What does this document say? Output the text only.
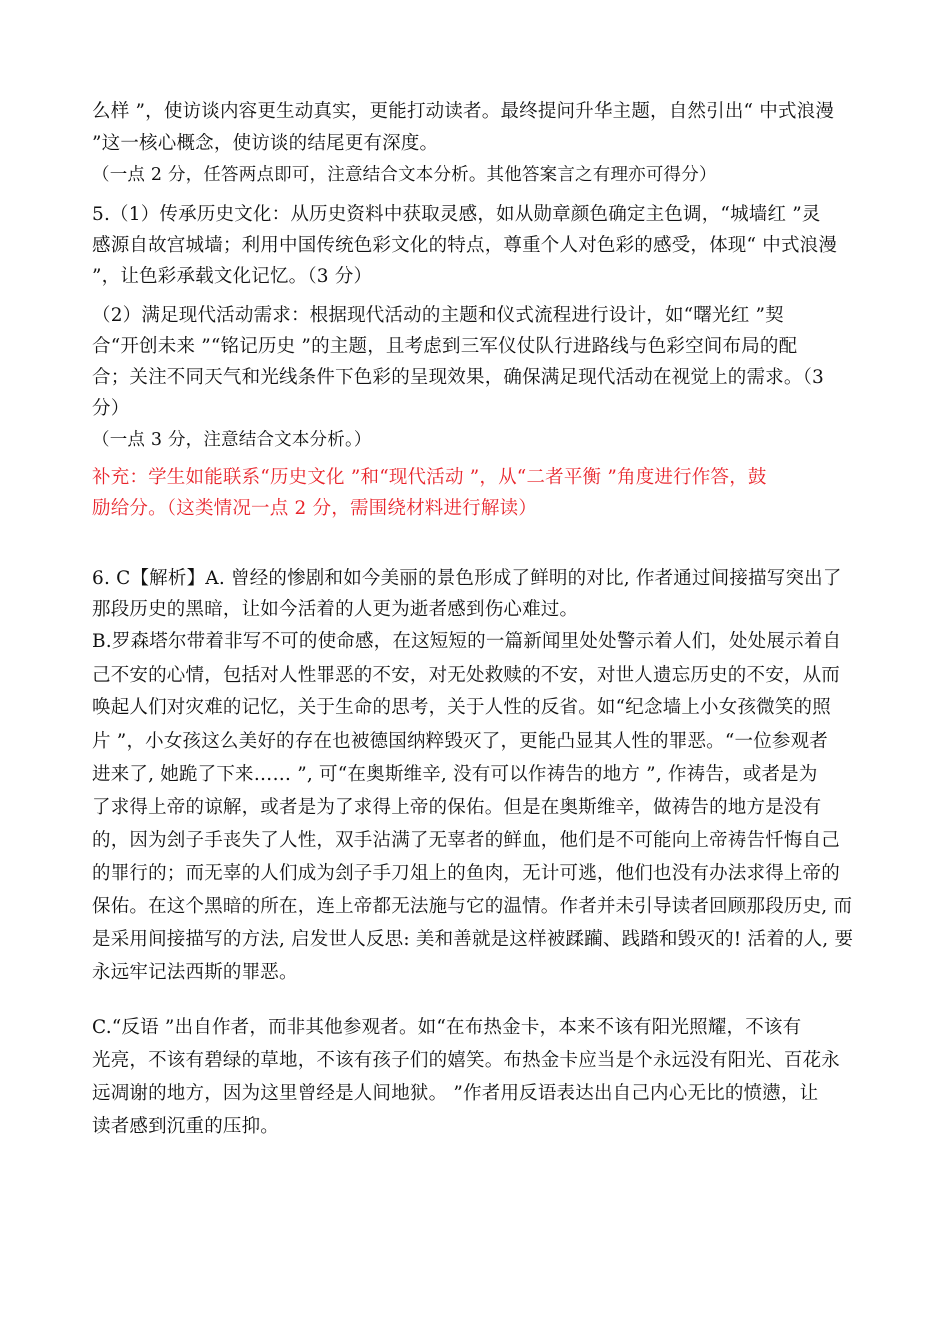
么样 ”，使访谈内容更生动真实，更能打动读者。最终提问升华主题，自然引出“ 中式浪漫
”这一核心概念，使访谈的结尾更有深度。
（一点 2 分，任答两点即可，注意结合文本分析。其他答案言之有理亦可得分）
5.（1）传承历史文化：从历史资料中获取灵感，如从勋章颜色确定主色调，“城墙红 ”灵
感源自故宫城墙；利用中国传统色彩文化的特点，尊重个人对色彩的感受，体现“ 中式浪漫
”，让色彩承载文化记忆。（3 分）
（2）满足现代活动需求：根据现代活动的主题和仪式流程进行设计，如“曙光红 ”契
合“开创未来 ”“铭记历史 ”的主题，且考虑到三军仪仗队行进路线与色彩空间布局的配
合；关注不同天气和光线条件下色彩的呈现效果，确保满足现代活动在视觉上的需求。（3
分）
（一点 3 分，注意结合文本分析。）
补充：学生如能联系“历史文化 ”和“现代活动 ”，从“二者平衡 ”角度进行作答，鼓
励给分。（这类情况一点 2 分，需围绕材料进行解读）
6. C【解析】A. 曾经的惨剧和如今美丽的景色形成了鲜明的对比, 作者通过间接描写突出了
那段历史的黑暗，让如今活着的人更为逝者感到伤心难过。
B.罗森塔尔带着非写不可的使命感，在这短短的一篇新闻里处处警示着人们，处处展示着自
己不安的心情，包括对人性罪恶的不安，对无处救赎的不安，对世人遗忘历史的不安，从而
唤起人们对灾难的记忆，关于生命的思考，关于人性的反省。如“纪念墙上小女孩微笑的照
片 ”，小女孩这么美好的存在也被德国纳粹毁灭了，更能凸显其人性的罪恶。“一位参观者
进来了, 她跪了下来…… ”, 可“在奥斯维辛, 没有可以作祷告的地方 ”, 作祷告，或者是为
了求得上帝的谅解，或者是为了求得上帝的保佑。但是在奥斯维辛，做祷告的地方是没有
的，因为刽子手丧失了人性，双手沾满了无辜者的鲜血，他们是不可能向上帝祷告忏悔自己
的罪行的；而无辜的人们成为刽子手刀俎上的鱼肉，无计可逃，他们也没有办法求得上帝的
保佑。在这个黑暗的所在，连上帝都无法施与它的温情。作者并未引导读者回顾那段历史, 而
是采用间接描写的方法, 启发世人反思: 美和善就是这样被蹂躏、践踏和毁灭的! 活着的人, 要
永远牢记法西斯的罪恶。
C.“反语 ”出自作者，而非其他参观者。如“在布热金卡，本来不该有阳光照耀，不该有
光亮，不该有碧绿的草地，不该有孩子们的嬉笑。布热金卡应当是个永远没有阳光、百花永
远凋谢的地方，因为这里曾经是人间地狱。 ”作者用反语表达出自己内心无比的愤懑，让
读者感到沉重的压抑。
